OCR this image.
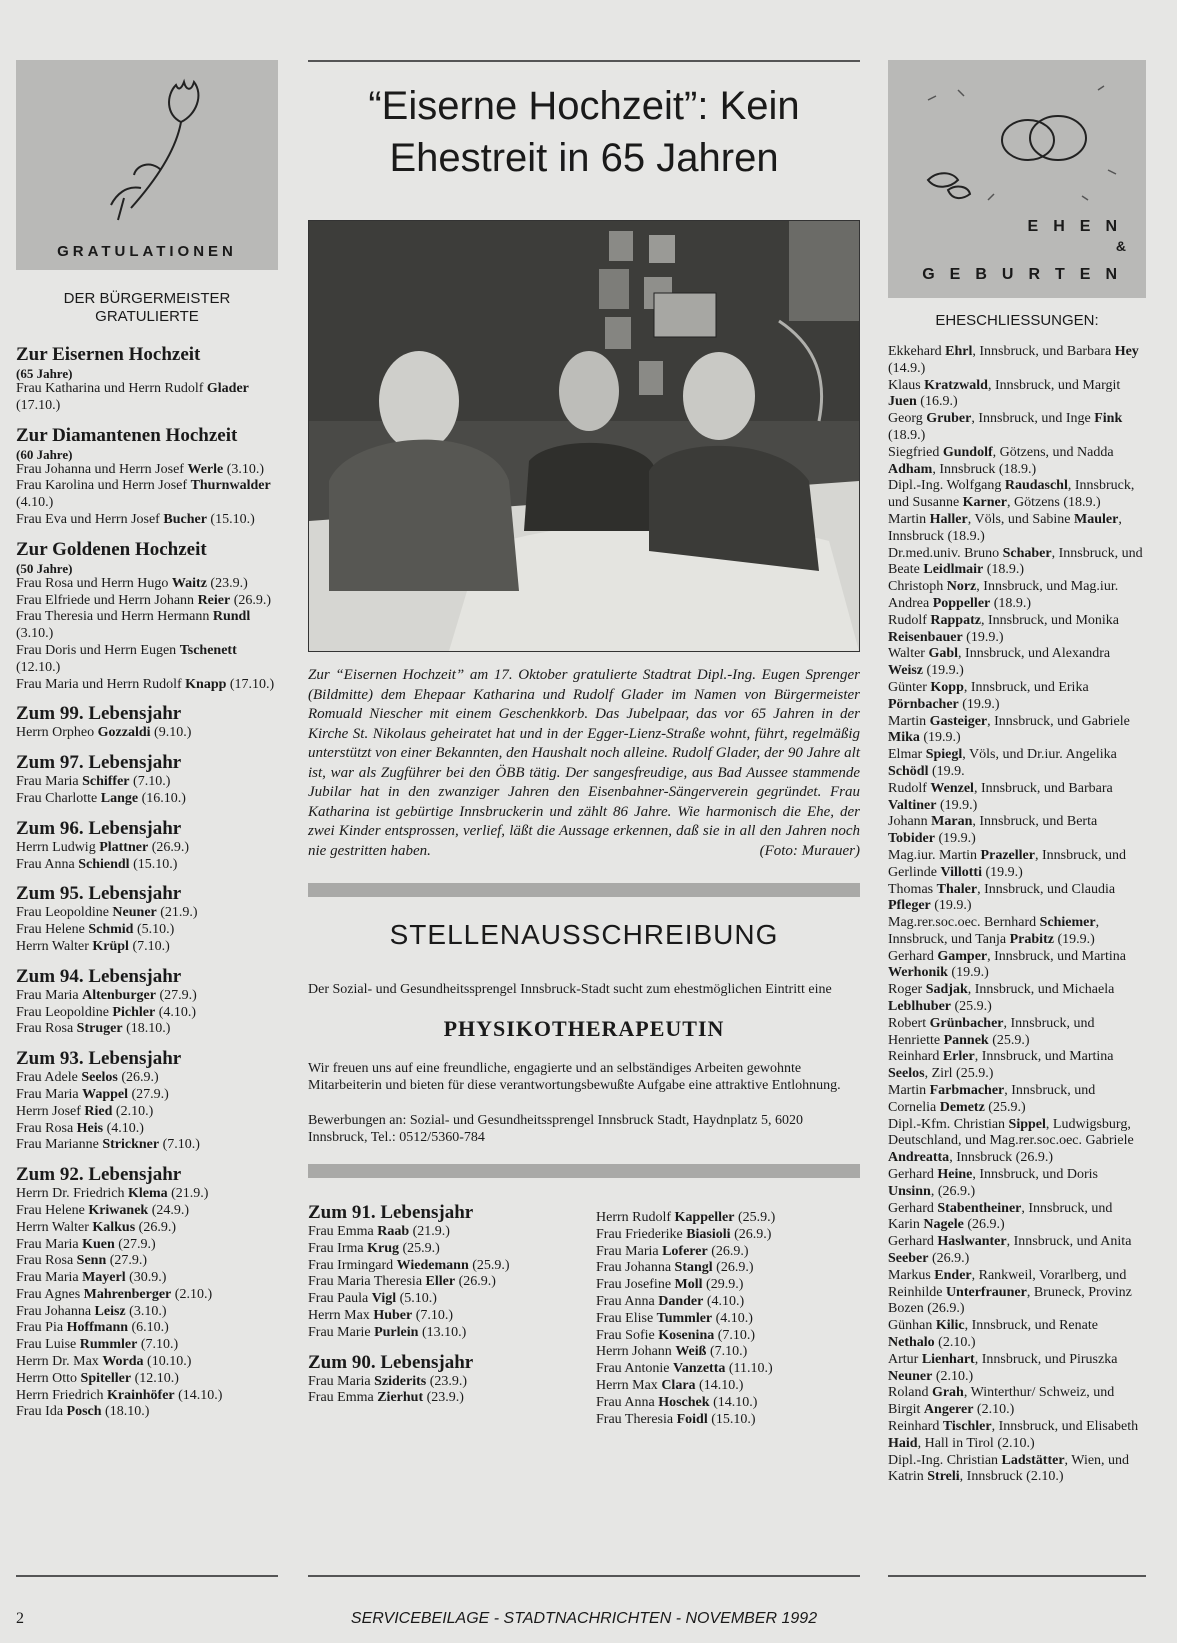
GRATULATIONEN
DER BÜRGERMEISTER GRATULIERTE
Zur Eisernen Hochzeit
(65 Jahre)
Frau Katharina und Herrn Rudolf Glader (17.10.)
Zur Diamantenen Hochzeit
(60 Jahre)
Frau Johanna und Herrn Josef Werle (3.10.)
Frau Karolina und Herrn Josef Thurnwalder (4.10.)
Frau Eva und Herrn Josef Bucher (15.10.)
Zur Goldenen Hochzeit
(50 Jahre)
Frau Rosa und Herrn Hugo Waitz (23.9.)
Frau Elfriede und Herrn Johann Reier (26.9.)
Frau Theresia und Herrn Hermann Rundl (3.10.)
Frau Doris und Herrn Eugen Tschenett (12.10.)
Frau Maria und Herrn Rudolf Knapp (17.10.)
Zum 99. Lebensjahr
Herrn Orpheo Gozzaldi (9.10.)
Zum 97. Lebensjahr
Frau Maria Schiffer (7.10.)
Frau Charlotte Lange (16.10.)
Zum 96. Lebensjahr
Herrn Ludwig Plattner (26.9.)
Frau Anna Schiendl (15.10.)
Zum 95. Lebensjahr
Frau Leopoldine Neuner (21.9.)
Frau Helene Schmid (5.10.)
Herrn Walter Krüpl (7.10.)
Zum 94. Lebensjahr
Frau Maria Altenburger (27.9.)
Frau Leopoldine Pichler (4.10.)
Frau Rosa Struger (18.10.)
Zum 93. Lebensjahr
Frau Adele Seelos (26.9.)
Frau Maria Wappel (27.9.)
Herrn Josef Ried (2.10.)
Frau Rosa Heis (4.10.)
Frau Marianne Strickner (7.10.)
Zum 92. Lebensjahr
Herrn Dr. Friedrich Klema (21.9.)
Frau Helene Kriwanek (24.9.)
Herrn Walter Kalkus (26.9.)
Frau Maria Kuen (27.9.)
Frau Rosa Senn (27.9.)
Frau Maria Mayerl (30.9.)
Frau Agnes Mahrenberger (2.10.)
Frau Johanna Leisz (3.10.)
Frau Pia Hoffmann (6.10.)
Frau Luise Rummler (7.10.)
Herrn Dr. Max Worda (10.10.)
Herrn Otto Spiteller (12.10.)
Herrn Friedrich Krainhöfer (14.10.)
Frau Ida Posch (18.10.)
“Eiserne Hochzeit”: Kein Ehestreit in 65 Jahren
Zur “Eisernen Hochzeit” am 17. Oktober gratulierte Stadtrat Dipl.-Ing. Eugen Sprenger (Bildmitte) dem Ehepaar Katharina und Rudolf Glader im Namen von Bürgermeister Romuald Niescher mit einem Geschenkkorb. Das Jubelpaar, das vor 65 Jahren in der Kirche St. Nikolaus geheiratet hat und in der Egger-Lienz-Straße wohnt, führt, regelmäßig unterstützt von einer Bekannten, den Haushalt noch alleine. Rudolf Glader, der 90 Jahre alt ist, war als Zugführer bei den ÖBB tätig. Der sangesfreudige, aus Bad Aussee stammende Jubilar hat in den zwanziger Jahren den Eisenbahner-Sängerverein gegründet. Frau Katharina ist gebürtige Innsbruckerin und zählt 86 Jahre. Wie harmonisch die Ehe, der zwei Kinder entsprossen, verlief, läßt die Aussage erkennen, daß sie in all den Jahren noch nie gestritten haben.	(Foto: Murauer)
STELLENAUSSCHREIBUNG

Der Sozial- und Gesundheitssprengel Innsbruck-Stadt sucht zum ehestmöglichen Eintritt eine

PHYSIKOTHERAPEUTIN

Wir freuen uns auf eine freundliche, engagierte und an selbständiges Arbeiten gewohnte Mitarbeiterin und bieten für diese verantwortungsbewußte Aufgabe eine attraktive Entlohnung.

Bewerbungen an: Sozial- und Gesundheitssprengel Innsbruck Stadt, Haydnplatz 5, 6020 Innsbruck, Tel.: 0512/5360-784

Zum 91. Lebensjahr
Frau Emma Raab (21.9.)
Frau Irma Krug (25.9.)
Frau Irmingard Wiedemann (25.9.)
Frau Maria Theresia Eller (26.9.)
Frau Paula Vigl (5.10.)
Herrn Max Huber (7.10.)
Frau Marie Purlein (13.10.)
Zum 90. Lebensjahr
Frau Maria Sziderits (23.9.)
Frau Emma Zierhut (23.9.)
Herrn Rudolf Kappeller (25.9.)
Frau Friederike Biasioli (26.9.)
Frau Maria Loferer (26.9.)
Frau Johanna Stangl (26.9.)
Frau Josefine Moll (29.9.)
Frau Anna Dander (4.10.)
Frau Elise Tummler (4.10.)
Frau Sofie Kosenina (7.10.)
Herrn Johann Weiß (7.10.)
Frau Antonie Vanzetta (11.10.)
Herrn Max Clara (14.10.)
Frau Anna Hoschek (14.10.)
Frau Theresia Foidl (15.10.)
EHEN
&
GEBURTEN
EHESCHLIESSUNGEN:
Ekkehard Ehrl, Innsbruck, und Barbara Hey (14.9.)
Klaus Kratzwald, Innsbruck, und Margit Juen (16.9.)
Georg Gruber, Innsbruck, und Inge Fink (18.9.)
Siegfried Gundolf, Götzens, und Nadda Adham, Innsbruck (18.9.)
Dipl.-Ing. Wolfgang Raudaschl, Innsbruck, und Susanne Karner, Götzens (18.9.)
Martin Haller, Völs, und Sabine Mauler, Innsbruck (18.9.)
Dr.med.univ. Bruno Schaber, Innsbruck, und Beate Leidlmair (18.9.)
Christoph Norz, Innsbruck, und Mag.iur. Andrea Poppeller (18.9.)
Rudolf Rappatz, Innsbruck, und Monika Reisenbauer (19.9.)
Walter Gabl, Innsbruck, und Alexandra Weisz (19.9.)
Günter Kopp, Innsbruck, und Erika Pörnbacher (19.9.)
Martin Gasteiger, Innsbruck, und Gabriele Mika (19.9.)
Elmar Spiegl, Völs, und Dr.iur. Angelika Schödl (19.9.
Rudolf Wenzel, Innsbruck, und Barbara Valtiner (19.9.)
Johann Maran, Innsbruck, und Berta Tobider (19.9.)
Mag.iur. Martin Prazeller, Innsbruck, und Gerlinde Villotti (19.9.)
Thomas Thaler, Innsbruck, und Claudia Pfleger (19.9.)
Mag.rer.soc.oec. Bernhard Schiemer, Innsbruck, und Tanja Prabitz (19.9.)
Gerhard Gamper, Innsbruck, und Martina Werhonik (19.9.)
Roger Sadjak, Innsbruck, und Michaela Leblhuber (25.9.)
Robert Grünbacher, Innsbruck, und Henriette Pannek (25.9.)
Reinhard Erler, Innsbruck, und Martina Seelos, Zirl (25.9.)
Martin Farbmacher, Innsbruck, und Cornelia Demetz (25.9.)
Dipl.-Kfm. Christian Sippel, Ludwigsburg, Deutschland, und Mag.rer.soc.oec. Gabriele Andreatta, Innsbruck (26.9.)
Gerhard Heine, Innsbruck, und Doris Unsinn, (26.9.)
Gerhard Stabentheiner, Innsbruck, und Karin Nagele (26.9.)
Gerhard Haslwanter, Innsbruck, und Anita Seeber (26.9.)
Markus Ender, Rankweil, Vorarlberg, und Reinhilde Unterfrauner, Bruneck, Provinz Bozen (26.9.)
Günhan Kilic, Innsbruck, und Renate Nethalo (2.10.)
Artur Lienhart, Innsbruck, und Piruszka Neuner (2.10.)
Roland Grah, Winterthur/ Schweiz, und Birgit Angerer (2.10.)
Reinhard Tischler, Innsbruck, und Elisabeth Haid, Hall in Tirol (2.10.)
Dipl.-Ing. Christian Ladstätter, Wien, und Katrin Streli, Innsbruck (2.10.)
2	SERVICEBEILAGE - STADTNACHRICHTEN - NOVEMBER 1992
